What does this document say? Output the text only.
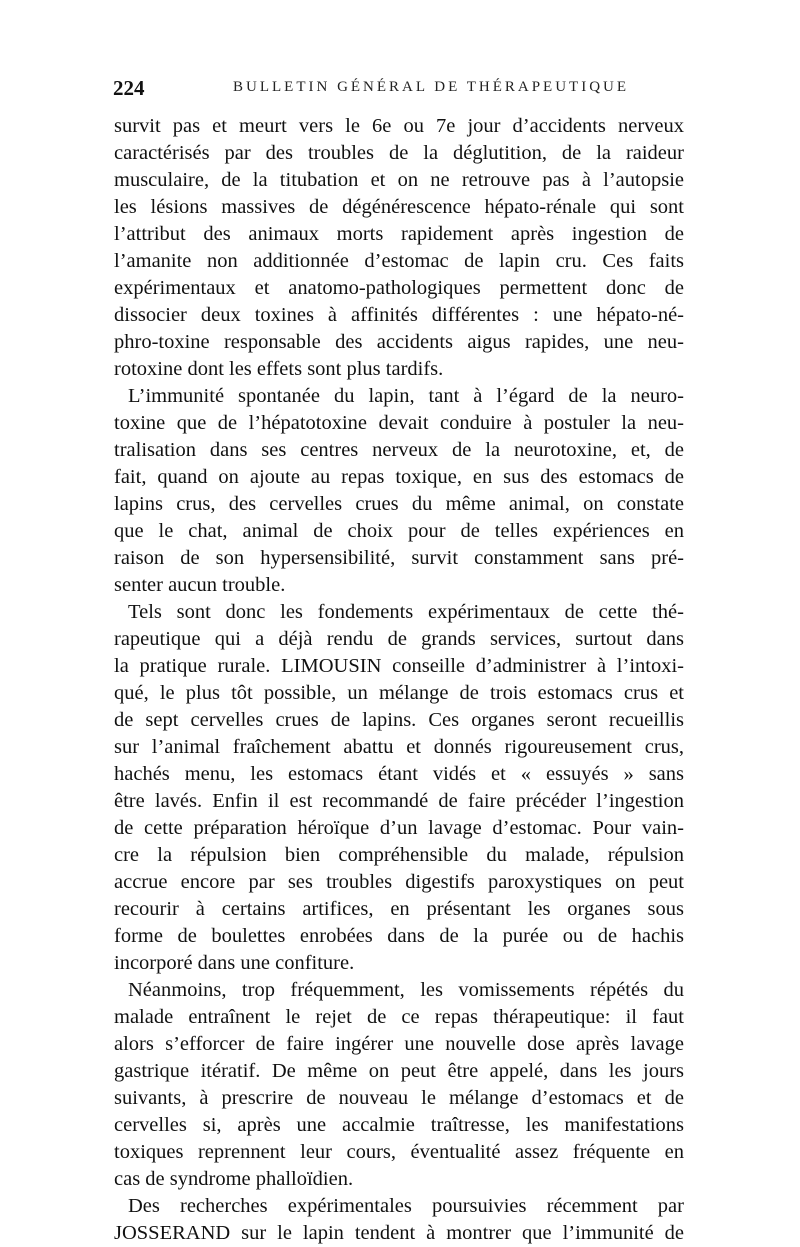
224	BULLETIN GÉNÉRAL DE THÉRAPEUTIQUE
survit pas et meurt vers le 6e ou 7e jour d’accidents nerveux
caractérisés par des troubles de la déglutition, de la raideur
musculaire, de la titubation et on ne retrouve pas à l’autopsie
les lésions massives de dégénérescence hépato-rénale qui sont
l’attribut des animaux morts rapidement après ingestion de
l’amanite non additionnée d’estomac de lapin cru. Ces faits
expérimentaux et anatomo-pathologiques permettent donc de
dissocier deux toxines à affinités différentes : une hépato-né-
phro-toxine responsable des accidents aigus rapides, une neu-
rotoxine dont les effets sont plus tardifs.
L’immunité spontanée du lapin, tant à l’égard de la neuro-
toxine que de l’hépatotoxine devait conduire à postuler la neu-
tralisation dans ses centres nerveux de la neurotoxine, et, de
fait, quand on ajoute au repas toxique, en sus des estomacs de
lapins crus, des cervelles crues du même animal, on constate
que le chat, animal de choix pour de telles expériences en
raison de son hypersensibilité, survit constamment sans pré-
senter aucun trouble.
Tels sont donc les fondements expérimentaux de cette thé-
rapeutique qui a déjà rendu de grands services, surtout dans
la pratique rurale. LIMOUSIN conseille d’administrer à l’intoxi-
qué, le plus tôt possible, un mélange de trois estomacs crus et
de sept cervelles crues de lapins. Ces organes seront recueillis
sur l’animal fraîchement abattu et donnés rigoureusement crus,
hachés menu, les estomacs étant vidés et « essuyés » sans
être lavés. Enfin il est recommandé de faire précéder l’ingestion
de cette préparation héroïque d’un lavage d’estomac. Pour vain-
cre la répulsion bien compréhensible du malade, répulsion
accrue encore par ses troubles digestifs paroxystiques on peut
recourir à certains artifices, en présentant les organes sous
forme de boulettes enrobées dans de la purée ou de hachis
incorporé dans une confiture.
Néanmoins, trop fréquemment, les vomissements répétés du
malade entraînent le rejet de ce repas thérapeutique: il faut
alors s’efforcer de faire ingérer une nouvelle dose après lavage
gastrique itératif. De même on peut être appelé, dans les jours
suivants, à prescrire de nouveau le mélange d’estomacs et de
cervelles si, après une accalmie traîtresse, les manifestations
toxiques reprennent leur cours, éventualité assez fréquente en
cas de syndrome phalloïdien.
Des recherches expérimentales poursuivies récemment par
JOSSERAND sur le lapin tendent à montrer que l’immunité de
